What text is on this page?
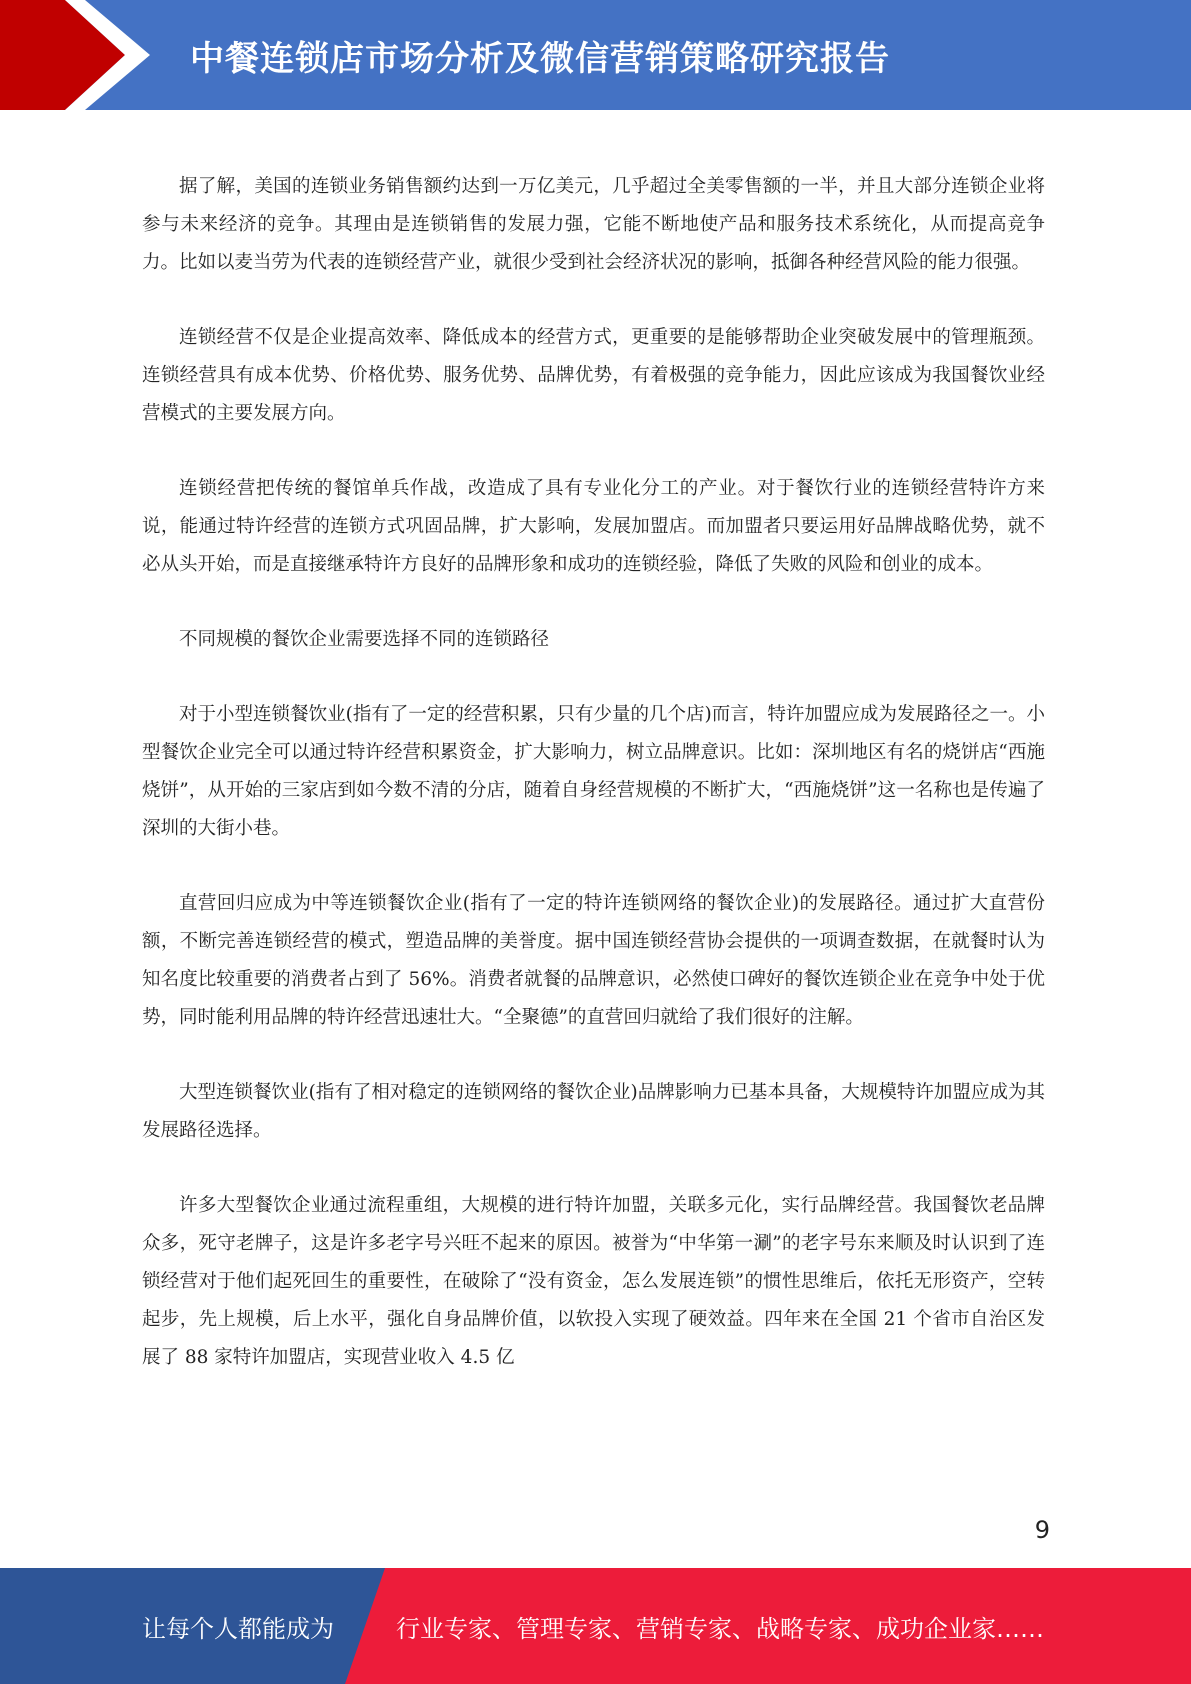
中餐连锁店市场分析及微信营销策略研究报告

据了解，美国的连锁业务销售额约达到一万亿美元，几乎超过全美零售额的一半，并且大部分连锁企业将参与未来经济的竞争。其理由是连锁销售的发展力强，它能不断地使产品和服务技术系统化，从而提高竞争力。比如以麦当劳为代表的连锁经营产业，就很少受到社会经济状况的影响，抵御各种经营风险的能力很强。

连锁经营不仅是企业提高效率、降低成本的经营方式，更重要的是能够帮助企业突破发展中的管理瓶颈。连锁经营具有成本优势、价格优势、服务优势、品牌优势，有着极强的竞争能力，因此应该成为我国餐饮业经营模式的主要发展方向。

连锁经营把传统的餐馆单兵作战，改造成了具有专业化分工的产业。对于餐饮行业的连锁经营特许方来说，能通过特许经营的连锁方式巩固品牌，扩大影响，发展加盟店。而加盟者只要运用好品牌战略优势，就不必从头开始，而是直接继承特许方良好的品牌形象和成功的连锁经验，降低了失败的风险和创业的成本。

不同规模的餐饮企业需要选择不同的连锁路径

对于小型连锁餐饮业(指有了一定的经营积累，只有少量的几个店)而言，特许加盟应成为发展路径之一。小型餐饮企业完全可以通过特许经营积累资金，扩大影响力，树立品牌意识。比如：深圳地区有名的烧饼店“西施烧饼”，从开始的三家店到如今数不清的分店，随着自身经营规模的不断扩大，“西施烧饼”这一名称也是传遍了深圳的大街小巷。

直营回归应成为中等连锁餐饮企业(指有了一定的特许连锁网络的餐饮企业)的发展路径。通过扩大直营份额，不断完善连锁经营的模式，塑造品牌的美誉度。据中国连锁经营协会提供的一项调查数据，在就餐时认为知名度比较重要的消费者占到了 56%。消费者就餐的品牌意识，必然使口碑好的餐饮连锁企业在竞争中处于优势，同时能利用品牌的特许经营迅速壮大。“全聚德”的直营回归就给了我们很好的注解。

大型连锁餐饮业(指有了相对稳定的连锁网络的餐饮企业)品牌影响力已基本具备，大规模特许加盟应成为其发展路径选择。

许多大型餐饮企业通过流程重组，大规模的进行特许加盟，关联多元化，实行品牌经营。我国餐饮老品牌众多，死守老牌子，这是许多老字号兴旺不起来的原因。被誉为“中华第一涮”的老字号东来顺及时认识到了连锁经营对于他们起死回生的重要性，在破除了“没有资金，怎么发展连锁”的惯性思维后，依托无形资产，空转起步，先上规模，后上水平，强化自身品牌价值，以软投入实现了硬效益。四年来在全国 21 个省市自治区发展了 88 家特许加盟店，实现营业收入 4.5 亿

9
让每个人都能成为	行业专家、管理专家、营销专家、战略专家、成功企业家……
